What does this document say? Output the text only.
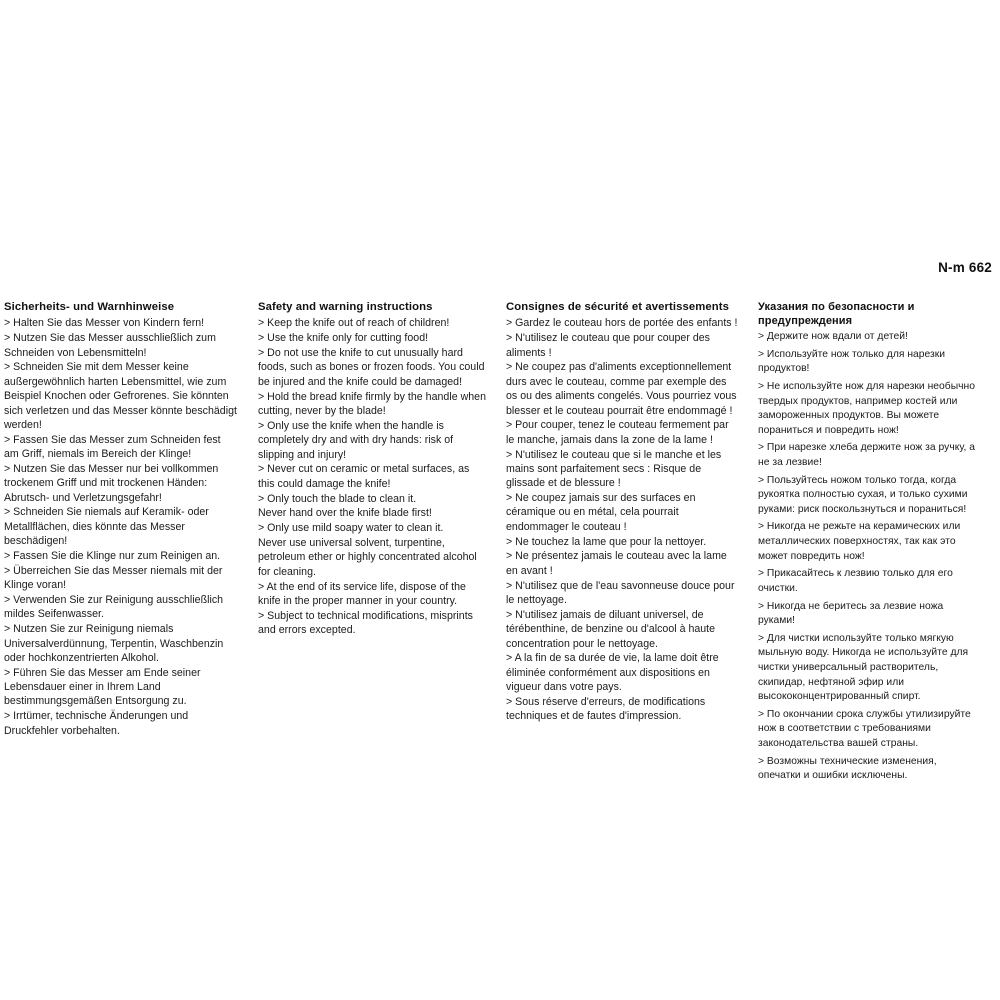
N-m 662
Sicherheits- und Warnhinweise

> Halten Sie das Messer von Kindern fern!

> Nutzen Sie das Messer ausschließlich zum Schneiden von Lebensmitteln!

> Schneiden Sie mit dem Messer keine außergewöhnlich harten Lebensmittel, wie zum Beispiel Knochen oder Gefrorenes. Sie könnten sich verletzen und das Messer könnte beschädigt werden!

> Fassen Sie das Messer zum Schneiden fest am Griff, niemals im Bereich der Klinge!

> Nutzen Sie das Messer nur bei vollkommen trockenem Griff und mit trockenen Händen: Abrutsch- und Verletzungsgefahr!

> Schneiden Sie niemals auf Keramik- oder Metallflächen, dies könnte das Messer beschädigen!

> Fassen Sie die Klinge nur zum Reinigen an.

> Überreichen Sie das Messer niemals mit der Klinge voran!

> Verwenden Sie zur Reinigung ausschließlich mildes Seifenwasser.

> Nutzen Sie zur Reinigung niemals Universalverdünnung, Terpentin, Waschbenzin oder hochkonzentrierten Alkohol.

> Führen Sie das Messer am Ende seiner Lebensdauer einer in Ihrem Land bestimmungsgemäßen Entsorgung zu.

> Irrtümer, technische Änderungen und Druckfehler vorbehalten.

Safety and warning instructions

> Keep the knife out of reach of children!

> Use the knife only for cutting food!

> Do not use the knife to cut unusually hard foods, such as bones or frozen foods. You could be injured and the knife could be damaged!

> Hold the bread knife firmly by the handle when cutting, never by the blade!

> Only use the knife when the handle is completely dry and with dry hands: risk of slipping and injury!

> Never cut on ceramic or metal surfaces, as this could damage the knife!

> Only touch the blade to clean it.

Never hand over the knife blade first!

> Only use mild soapy water to clean it.

Never use universal solvent, turpentine, petroleum ether or highly concentrated alcohol for cleaning.

> At the end of its service life, dispose of the knife in the proper manner in your country.

> Subject to technical modifications, misprints and errors excepted.

Consignes de sécurité et avertissements

> Gardez le couteau hors de portée des enfants !

> N'utilisez le couteau que pour couper des aliments !

> Ne coupez pas d'aliments exceptionnellement durs avec le couteau, comme par exemple des os ou des aliments congelés. Vous pourriez vous blesser et le couteau pourrait être endommagé !

> Pour couper, tenez le couteau fermement par le manche, jamais dans la zone de la lame !

> N'utilisez le couteau que si le manche et les mains sont parfaitement secs : Risque de glissade et de blessure !

> Ne coupez jamais sur des surfaces en céramique ou en métal, cela pourrait endommager le couteau !

> Ne touchez la lame que pour la nettoyer.

> Ne présentez jamais le couteau avec la lame en avant !

> N'utilisez que de l'eau savonneuse douce pour le nettoyage.

> N'utilisez jamais de diluant universel, de térébenthine, de benzine ou d'alcool à haute concentration pour le nettoyage.

> A la fin de sa durée de vie, la lame doit être éliminée conformément aux dispositions en vigueur dans votre pays.

> Sous réserve d'erreurs, de modifications techniques et de fautes d'impression.

Указания по безопасности и предупреждения

> Держите нож вдали от детей!

> Используйте нож только для нарезки продуктов!

> Не используйте нож для нарезки необычно твердых продуктов, например костей или замороженных продуктов. Вы можете пораниться и повредить нож!

> При нарезке хлеба держите нож за ручку, а не за лезвие!

> Пользуйтесь ножом только тогда, когда рукоятка полностью сухая, и только сухими руками: риск поскользнуться и пораниться!

> Никогда не режьте на керамических или металлических поверхностях, так как это может повредить нож!

> Прикасайтесь к лезвию только для его очистки.

> Никогда не беритесь за лезвие ножа руками!

> Для чистки используйте только мягкую мыльную воду. Никогда не используйте для чистки универсальный растворитель, скипидар, нефтяной эфир или высококонцентрированный спирт.

> По окончании срока службы утилизируйте нож в соответствии с требованиями законодательства вашей страны.

> Возможны технические изменения, опечатки и ошибки исключены.
